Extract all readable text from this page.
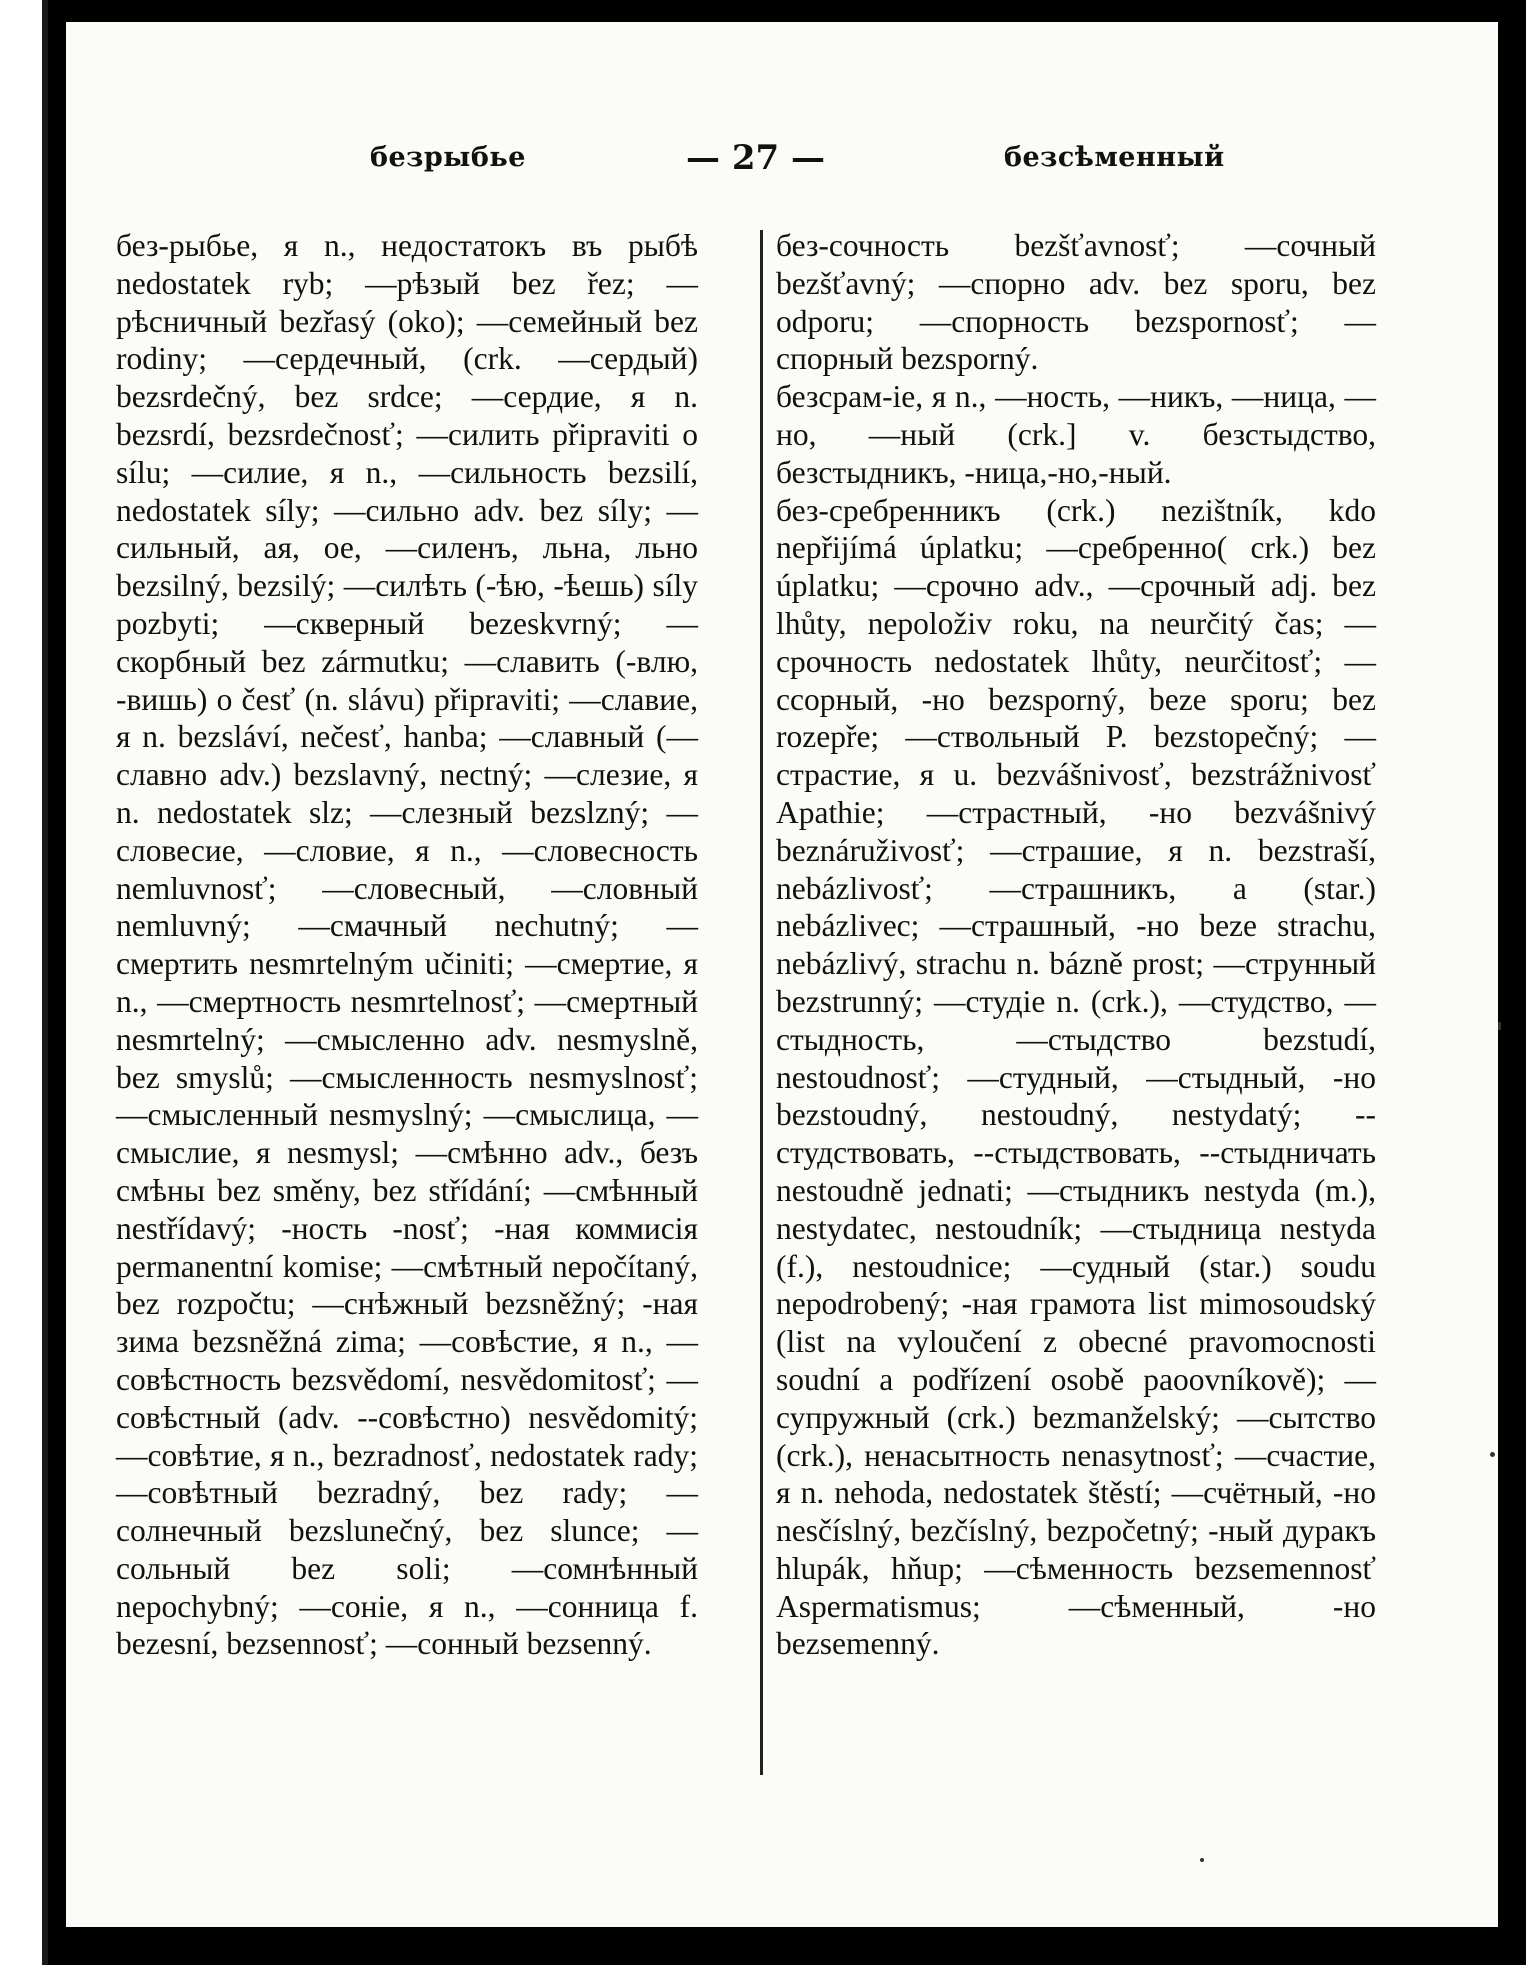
безрыбье	— 27 —	безсѣменный

без-рыбье, я n., недостатокъ въ рыбѣ nedostatek ryb; —рѣзый bez řez; —рѣсничный bezřasý (oko); —семейный bez rodiny; —сердечный, (crk. —сердый) bezsrdečný, bez srdce; —сердие, я n. bezsrdí, bezsrdečnosť; —силить připraviti o sílu; —силие, я n., —сильность bezsilí, nedostatek síly; —сильно adv. bez síly; —сильный, ая, ое, —силенъ, льна, льно bezsilný, bezsilý; —силѣть (-ѣю, -ѣешь) síly pozbyti; —скверный bezeskvrný; —скорбный bez zármutku; —славить (-влю, -вишь) o česť (n. slávu) připraviti; —славие, я n. bezsláví, nečesť, hanba; —славный (—славно adv.) bezslavný, nectný; —слезие, я n. nedostatek slz; —слезный bezslzný; —словесие, —словие, я n., —словесность nemluvnosť; —словесный, —словный nemluvný; —смачный nechutný; —смертить nesmrtelným učiniti; —смертие, я n., —смертность nesmrtelnosť; —смертный nesmrtelný; —смысленно adv. nesmyslně, bez smyslů; —смысленность nesmyslnosť; —смысленный nesmyslný; —смыслица, —смыслие, я nesmysl; —смѣнно adv., безъ смѣны bez směny, bez střídání; —смѣнный nestřídavý; -ность -nosť; -ная коммисія permanentní komise; —смѣтный nepočítaný, bez rozpočtu; —снѣжный bezsněžný; -ная зима bezsněžná zima; —совѣстие, я n., —совѣстность bezsvědomí, nesvědomitosť; —совѣстный (adv. --совѣстно) nesvědomitý; —совѣтие, я n., bezradnosť, nedostatek rady; —совѣтный bezradný, bez rady; —солнечный bezslunečný, bez slunce; —сольный bez soli; —сомнѣнный nepochybný; —сонie, я n., —сонница f. bezesní, bezsennosť; —сонный bezsenný.

без-сочность bezšťavnosť; —сочный bezšťavný; —спорно adv. bez sporu, bez odporu; —спорность bezspornosť; —спорный bezsporný.

безсрам-ie, я n., —ность, —никъ, —ница, —но, —ный (crk.] v. безстыдство, безстыдникъ, -ница,-но,-ный.

без-сребренникъ (crk.) nezištník, kdo nepřijímá úplatku; —сребренно( crk.) bez úplatku; —срочно adv., —срочный adj. bez lhůty, nepoloživ roku, na neurčitý čas; —срочность nedostatek lhůty, neurčitosť; —ссорный, -но bezsporný, beze sporu; bez rozepře; —ствольный P. bezstopečný; —страстие, я u. bezvášnivosť, bezstrážnivosť Apathie; —страстный, -но bezvášnivý beznáruživosť; —страшие, я n. bezstraší, nebázlivosť; —страшникъ, a (star.) nebázlivec; —страшный, -но beze strachu, nebázlivý, strachu n. bázně prost; —струнный bezstrunný; —студie n. (crk.), —студство, —стыдность, —стыдство bezstudí, nestoudnosť; —студный, —стыдный, -но bezstoudný, nestoudný, nestydatý; --студствовать, --стыдствовать, --стыдничать nestoudně jednati; —стыдникъ nestyda (m.), nestydatec, nestoudník; —стыдница nestyda (f.), nestoudnice; —судный (star.) soudu nepodrobený; -ная грамота list mimosoudský (list na vyloučení z obecné pravomocnosti soudní a podřízení osobě paoovníkově); —супружный (crk.) bezmanželský; —сытство (crk.), ненасытность nenasytnosť; —счастие, я n. nehoda, nedostatek štěstí; —счётный, -но nesčíslný, bezčíslný, bezpočetný; -ный дуракъ hlupák, hňup; —сѣменность bezsemennosť Aspermatismus; —сѣменный, -но bezsemenný.
